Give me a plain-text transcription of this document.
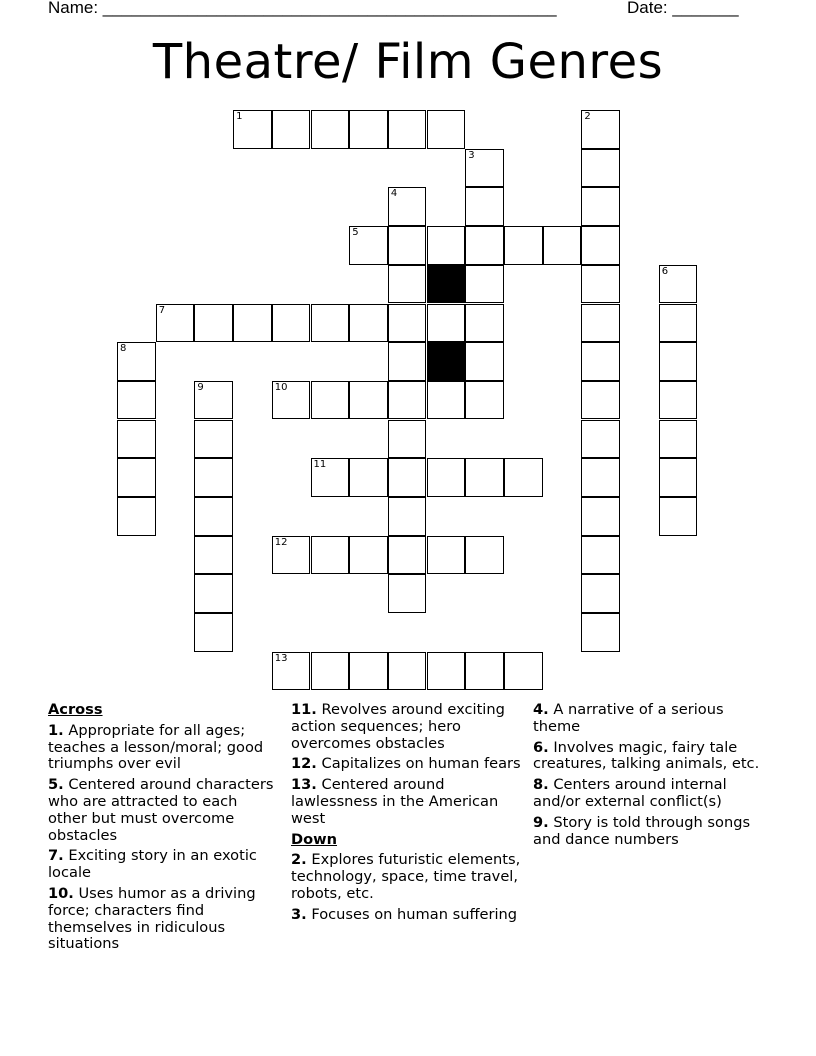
Name: ________________________________________________	Date: _______
Theatre/ Film Genres
1
5
7
10
11
12
13
2
3
4
6
8
9
Across
1. Appropriate for all ages; teaches a lesson/moral; good triumphs over evil
5. Centered around characters who are attracted to each other but must overcome obstacles
7. Exciting story in an exotic locale
10. Uses humor as a driving force; characters find themselves in ridiculous situations
11. Revolves around exciting action sequences; hero overcomes obstacles
12. Capitalizes on human fears
13. Centered around lawlessness in the American west
Down
2. Explores futuristic elements, technology, space, time travel, robots, etc.
3. Focuses on human suffering
4. A narrative of a serious theme
6. Involves magic, fairy tale creatures, talking animals, etc.
8. Centers around internal and/or external conflict(s)
9. Story is told through songs and dance numbers
